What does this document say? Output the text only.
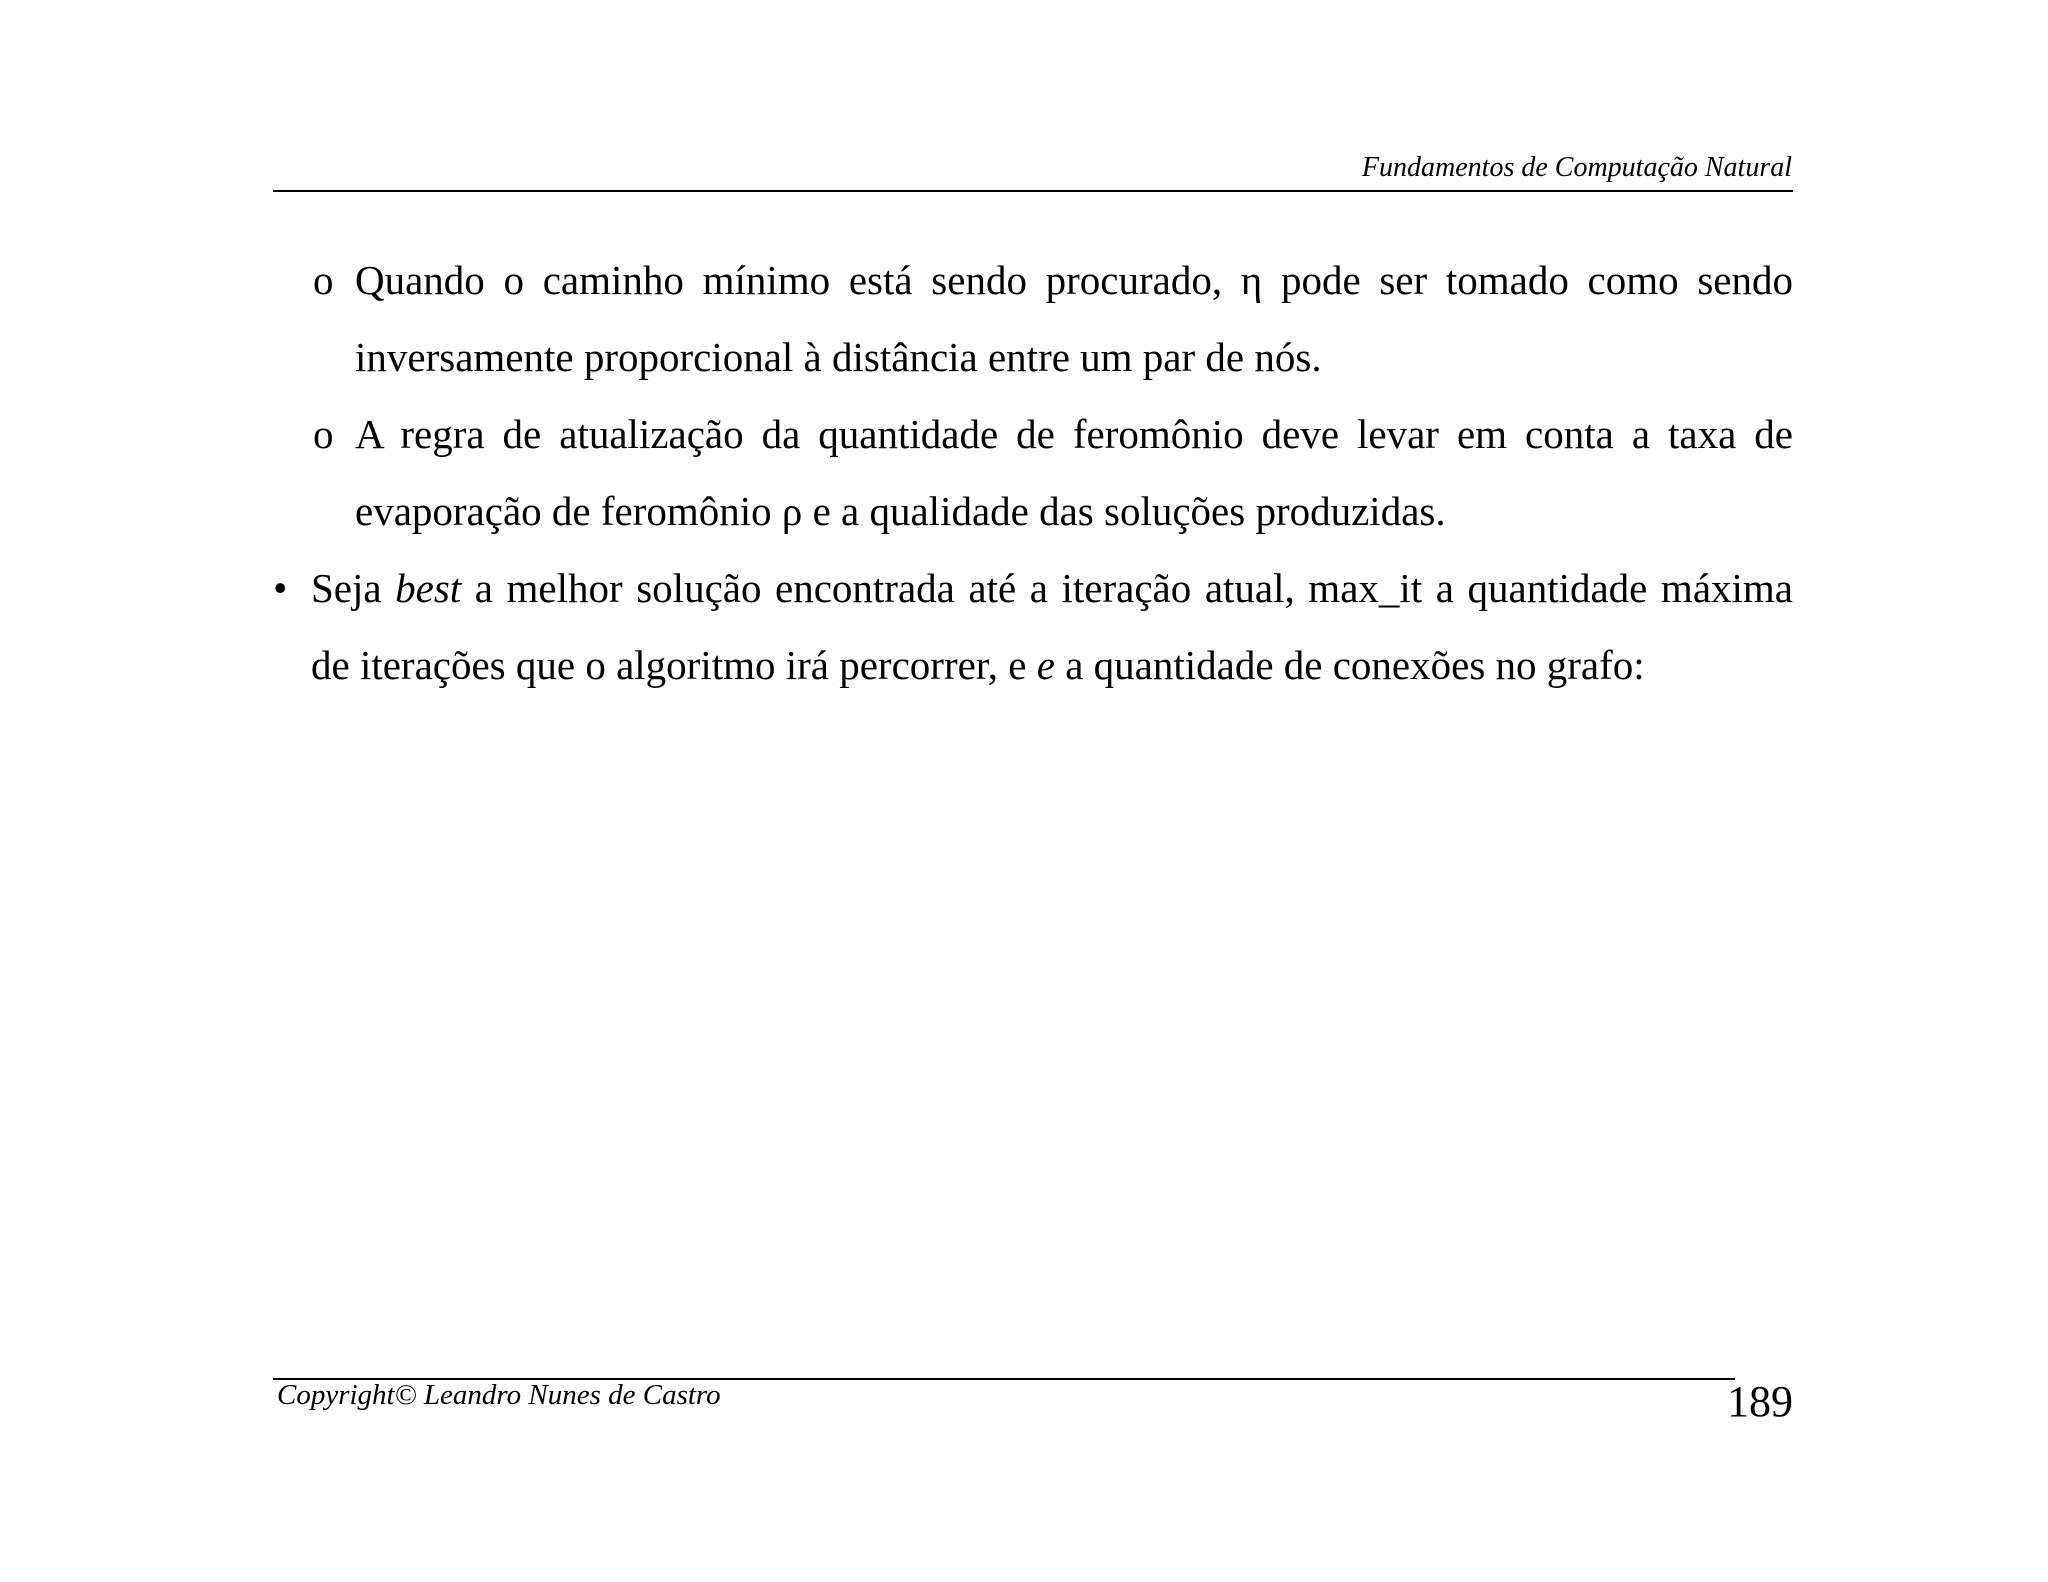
Fundamentos de Computação Natural
o Quando o caminho mínimo está sendo procurado, η pode ser tomado como sendo inversamente proporcional à distância entre um par de nós.
o A regra de atualização da quantidade de feromônio deve levar em conta a taxa de evaporação de feromônio ρ e a qualidade das soluções produzidas.
• Seja best a melhor solução encontrada até a iteração atual, max_it a quantidade máxima de iterações que o algoritmo irá percorrer, e e a quantidade de conexões no grafo:
Copyright© Leandro Nunes de Castro	189
